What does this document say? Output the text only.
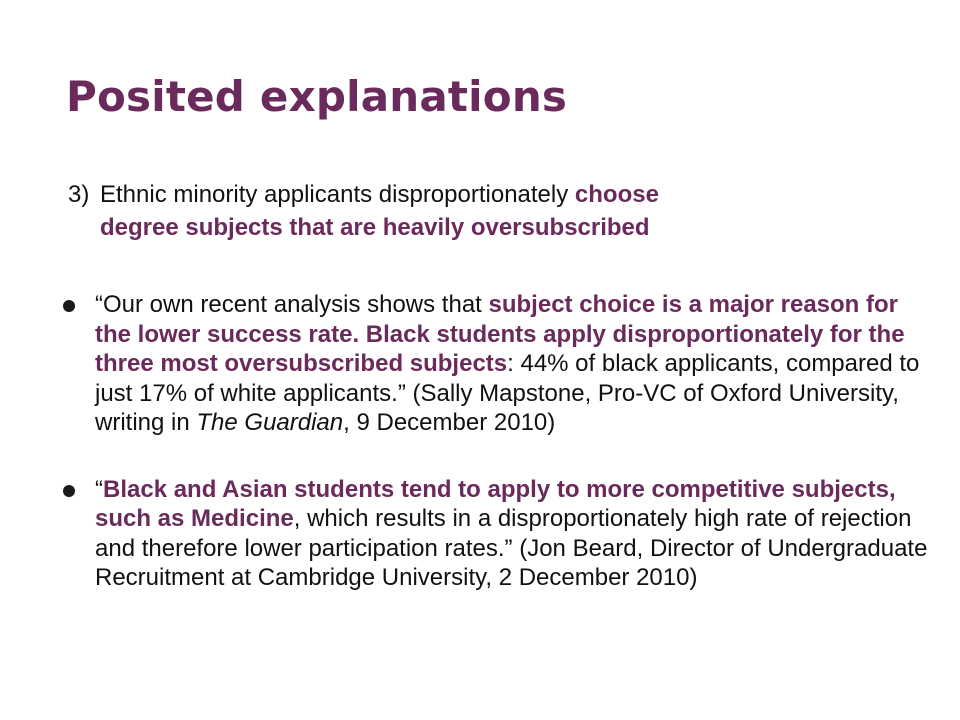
Posited explanations
3) Ethnic minority applicants disproportionately choose
degree subjects that are heavily oversubscribed
“Our own recent analysis shows that subject choice is a major reason for the lower success rate. Black students apply disproportionately for the three most oversubscribed subjects: 44% of black applicants, compared to just 17% of white applicants.” (Sally Mapstone, Pro-VC of Oxford University, writing in The Guardian, 9 December 2010)
“Black and Asian students tend to apply to more competitive subjects, such as Medicine, which results in a disproportionately high rate of rejection and therefore lower participation rates.” (Jon Beard, Director of Undergraduate Recruitment at Cambridge University, 2 December 2010)
